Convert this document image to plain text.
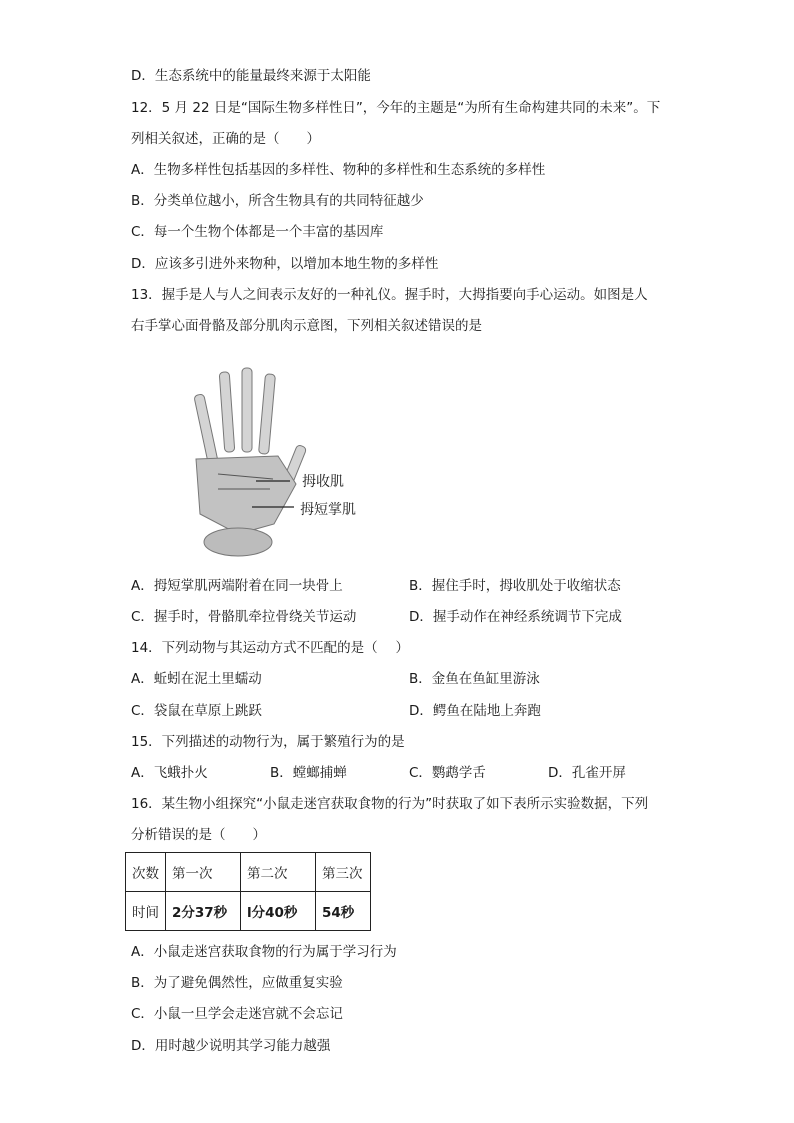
D．生态系统中的能量最终来源于太阳能
12．5 月 22 日是“国际生物多样性日”，今年的主题是“为所有生命构建共同的未来”。下
列相关叙述，正确的是（　　）
A．生物多样性包括基因的多样性、物种的多样性和生态系统的多样性
B．分类单位越小，所含生物具有的共同特征越少
C．每一个生物个体都是一个丰富的基因库
D．应该多引进外来物种，以增加本地生物的多样性
13．握手是人与人之间表示友好的一种礼仪。握手时，大拇指要向手心运动。如图是人
右手掌心面骨骼及部分肌肉示意图，下列相关叙述错误的是
拇收肌
拇短掌肌
A．拇短掌肌两端附着在同一块骨上	B．握住手时，拇收肌处于收缩状态
C．握手时，骨骼肌牵拉骨绕关节运动	D．握手动作在神经系统调节下完成
14．下列动物与其运动方式不匹配的是（　 ）
A．蚯蚓在泥土里蠕动	B．金鱼在鱼缸里游泳
C．袋鼠在草原上跳跃	D．鳄鱼在陆地上奔跑
15．下列描述的动物行为，属于繁殖行为的是
A．飞蛾扑火	B．螳螂捕蝉	C．鹦鹉学舌	D．孔雀开屏
16．某生物小组探究“小鼠走迷宫获取食物的行为”时获取了如下表所示实验数据，下列
分析错误的是（　　）
次数	第一次	第二次	第三次
时间	2分37秒	l分40秒	54秒
A．小鼠走迷宫获取食物的行为属于学习行为
B．为了避免偶然性，应做重复实验
C．小鼠一旦学会走迷宫就不会忘记
D．用时越少说明其学习能力越强
